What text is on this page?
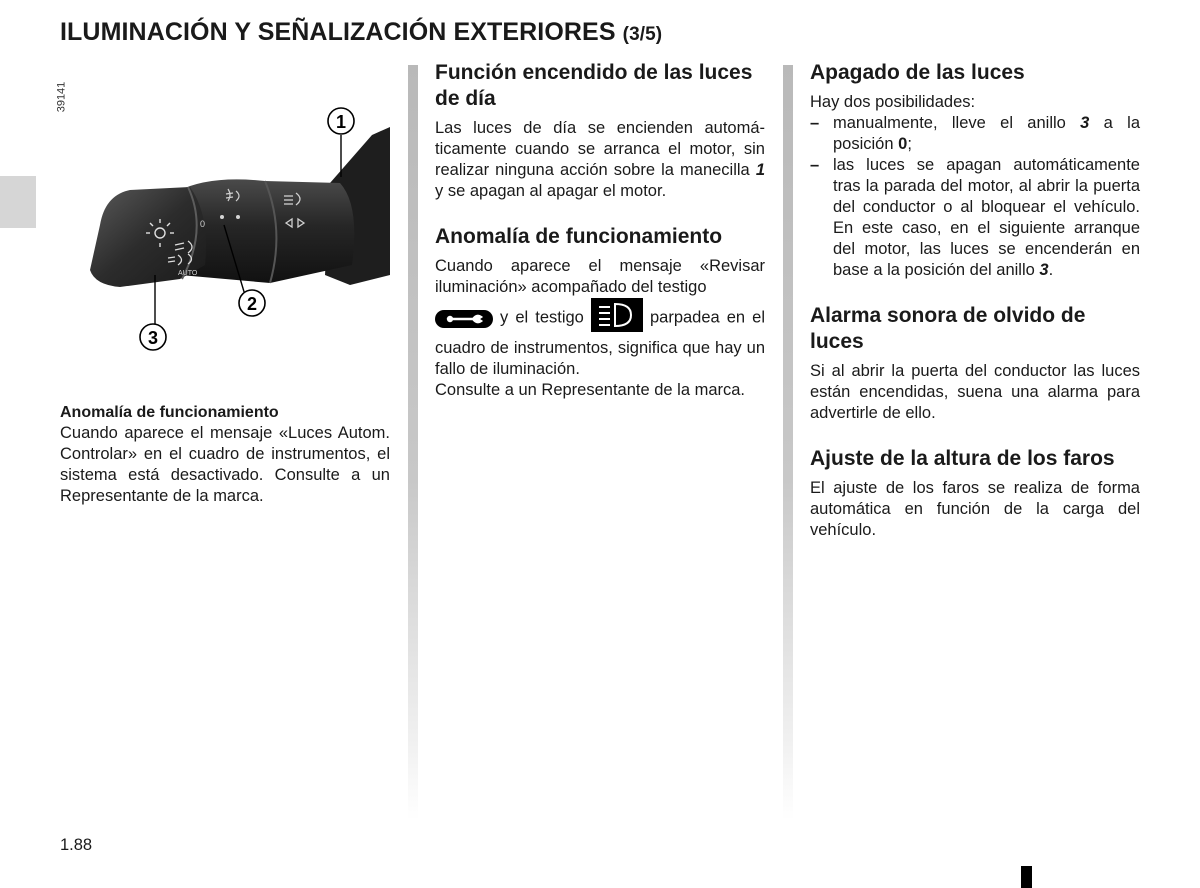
ILUMINACIÓN Y SEÑALIZACIÓN EXTERIORES (3/5)
39141
AUTO
0
1
2
3
Anomalía de funcionamiento

Cuando aparece el mensaje «Luces Autom. Controlar» en el cuadro de instrumentos, el sistema está desactivado. Consulte a un Representante de la marca.

Función encendido de las luces de día

Las luces de día se encienden automáticamente cuando se arranca el motor, sin realizar ninguna acción sobre la manecilla 1 y se apagan al apagar el motor.

Anomalía de funcionamiento

Cuando aparece el mensaje «Revisar iluminación» acompañado del testigo
y el testigo	parpadea en el cuadro de instrumentos, significa que hay un fallo de iluminación.

Consulte a un Representante de la marca.

Apagado de las luces

Hay dos posibilidades:

– manualmente, lleve el anillo 3 a la posición 0;
– las luces se apagan automáticamente tras la parada del motor, al abrir la puerta del conductor o al bloquear el vehículo. En este caso, en el siguiente arranque del motor, las luces se encenderán en base a la posición del anillo 3.
Alarma sonora de olvido de luces

Si al abrir la puerta del conductor las luces están encendidas, suena una alarma para advertirle de ello.

Ajuste de la altura de los faros

El ajuste de los faros se realiza de forma automática en función de la carga del vehículo.

1.88
